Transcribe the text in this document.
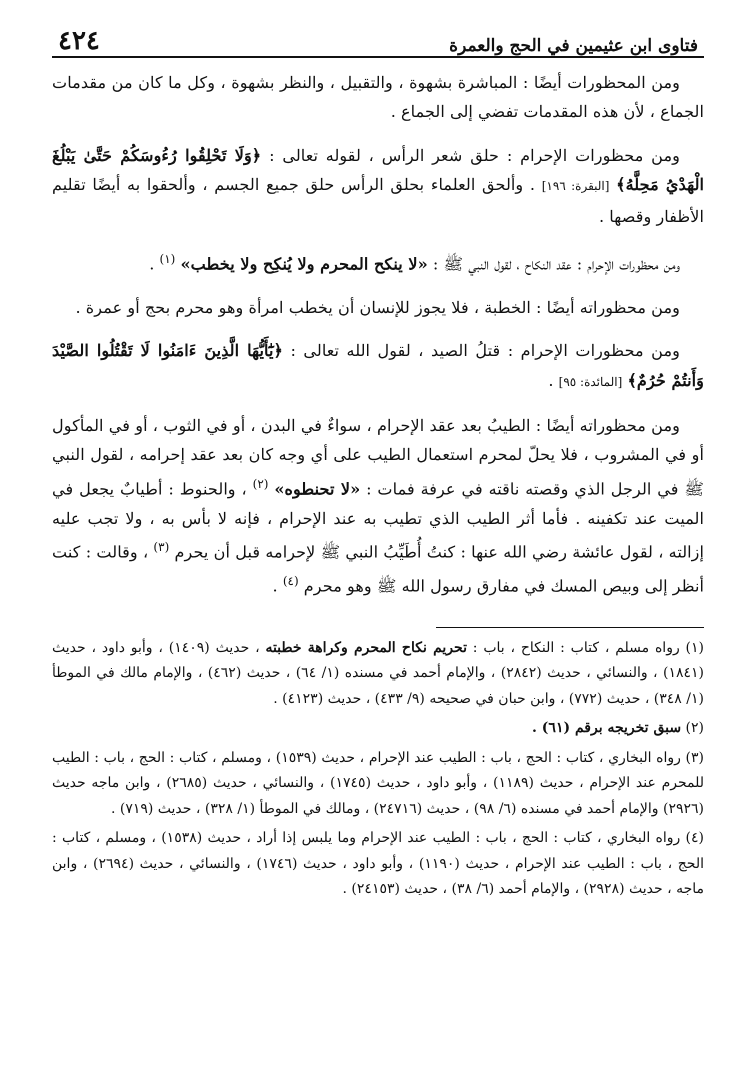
فتاوى ابن عثيمين في الحج والعمرة
٤٢٤

ومن المحظورات أيضًا : المباشرة بشهوة ، والتقبيل ، والنظر بشهوة ، وكل ما كان من مقدمات الجماع ، لأن هذه المقدمات تفضي إلى الجماع .

ومن محظورات الإحرام : حلق شعر الرأس ، لقوله تعالى : ﴿وَلَا تَحْلِقُوا رُءُوسَكُمْ حَتَّىٰ يَبْلُغَ الْهَدْيُ مَحِلَّهُ﴾ [البقرة: ١٩٦] . وألحق العلماء بحلق الرأس حلق جميع الجسم ، وألحقوا به أيضًا تقليم الأظفار وقصها .

ومن محظورات الإحرام : عقد النكاح ، لقول النبي ﷺ : «لا ينكح المحرم ولا يُنكِح ولا يخطب» $^{(١)}$ .

ومن محظوراته أيضًا : الخطبة ، فلا يجوز للإنسان أن يخطب امرأة وهو محرم بحج أو عمرة .

ومن محظورات الإحرام : قتلُ الصيد ، لقول الله تعالى : ﴿يَٰٓأَيُّهَا الَّذِينَ ءَامَنُوا لَا تَقْتُلُوا الصَّيْدَ وَأَنتُمْ حُرُمٌ﴾ [المائدة: ٩٥] .

ومن محظوراته أيضًا : الطيبُ بعد عقد الإحرام ، سواءٌ في البدن ، أو في الثوب ، أو في المأكول أو في المشروب ، فلا يحلّ لمحرم استعمال الطيب على أي وجه كان بعد عقد إحرامه ، لقول النبي ﷺ في الرجل الذي وقصته ناقته في عرفة فمات : «لا تحنطوه» $^{(٢)}$ ، والحنوط : أطيابٌ يجعل في الميت عند تكفينه . فأما أثر الطيب الذي تطيب به عند الإحرام ، فإنه لا بأس به ، ولا تجب عليه إزالته ، لقول عائشة رضي الله عنها : كنتُ أُطَيِّبُ النبي ﷺ لإحرامه قبل أن يحرم $^{(٣)}$ ، وقالت : كنت أنظر إلى وبيص المسك في مفارق رسول الله ﷺ وهو محرم $^{(٤)}$ .

(١) رواه مسلم ، كتاب : النكاح ، باب : تحريم نكاح المحرم وكراهة خطبته ، حديث (١٤٠٩) ، وأبو داود ، حديث (١٨٤١) ، والنسائي ، حديث (٢٨٤٢) ، والإمام أحمد في مسنده (١/ ٦٤) ، حديث (٤٦٢) ، والإمام مالك في الموطأ (١/ ٣٤٨) ، حديث (٧٧٢) ، وابن حبان في صحيحه (٩/ ٤٣٣) ، حديث (٤١٢٣) .

(٢) سبق تخريجه برقم (٦١) .

(٣) رواه البخاري ، كتاب : الحج ، باب : الطيب عند الإحرام ، حديث (١٥٣٩) ، ومسلم ، كتاب : الحج ، باب : الطيب للمحرم عند الإحرام ، حديث (١١٨٩) ، وأبو داود ، حديث (١٧٤٥) ، والنسائي ، حديث (٢٦٨٥) ، وابن ماجه حديث (٢٩٢٦) والإمام أحمد في مسنده (٦/ ٩٨) ، حديث (٢٤٧١٦) ، ومالك في الموطأ (١/ ٣٢٨) ، حديث (٧١٩) .

(٤) رواه البخاري ، كتاب : الحج ، باب : الطيب عند الإحرام وما يلبس إذا أراد ، حديث (١٥٣٨) ، ومسلم ، كتاب : الحج ، باب : الطيب عند الإحرام ، حديث (١١٩٠) ، وأبو داود ، حديث (١٧٤٦) ، والنسائي ، حديث (٢٦٩٤) ، وابن ماجه ، حديث (٢٩٢٨) ، والإمام أحمد (٦/ ٣٨) ، حديث (٢٤١٥٣) .
